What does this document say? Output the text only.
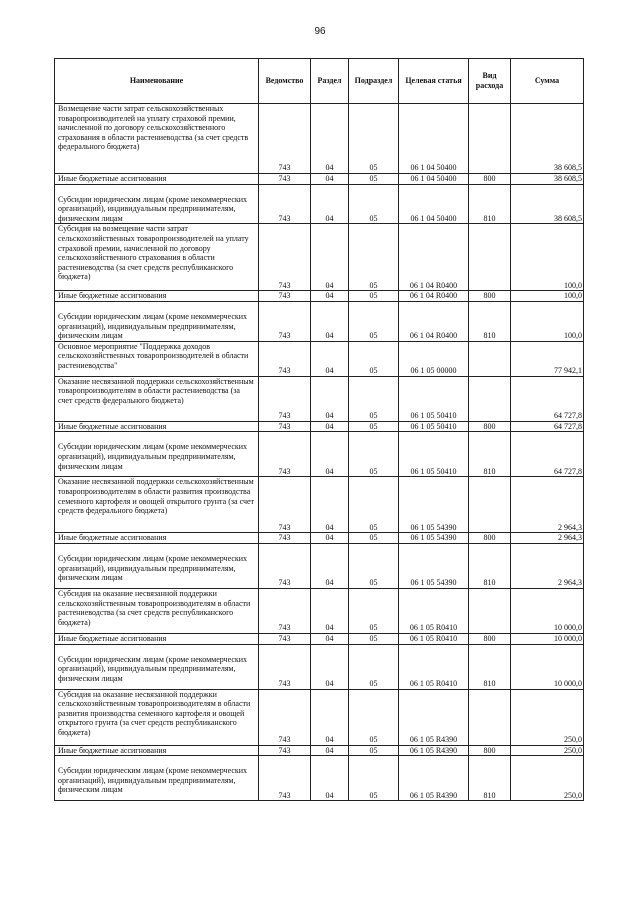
96
Наименование	Ведомство	Раздел	Подраздел	Целевая статья	Вид расхода	Сумма
Возмещение части затрат сельскохозяйственных товаропроизводителей на уплату страховой премии, начисленной по договору сельскохозяйственного страхования в области растениеводства (за счет средств федерального бюджета)	743	04	05	06 1 04 50400		38 608,5
Иные бюджетные ассигнования	743	04	05	06 1 04 50400	800	38 608,5
Субсидии юридическим лицам (кроме некоммерческих организаций), индивидуальным предпринимателям, физическим лицам	743	04	05	06 1 04 50400	810	38 608,5
Субсидия на возмещение части затрат сельскохозяйственных товаропроизводителей на уплату страховой премии, начисленной по договору сельскохозяйственного страхования в области растениеводства (за счет средств республиканского бюджета)	743	04	05	06 1 04 R0400		100,0
Иные бюджетные ассигнования	743	04	05	06 1 04 R0400	800	100,0
Субсидии юридическим лицам (кроме некоммерческих организаций), индивидуальным предпринимателям, физическим лицам	743	04	05	06 1 04 R0400	810	100,0
Основное мероприятие "Поддержка доходов сельскохозяйственных товаропроизводителей в области растениеводства"	743	04	05	06 1 05 00000		77 942,1
Оказание несвязанной поддержки сельскохозяйственным товаропроизводителям в области растениеводства (за счет средств федерального бюджета)	743	04	05	06 1 05 50410		64 727,8
Иные бюджетные ассигнования	743	04	05	06 1 05 50410	800	64 727,8
Субсидии юридическим лицам (кроме некоммерческих организаций), индивидуальным предпринимателям, физическим лицам	743	04	05	06 1 05 50410	810	64 727,8
Оказание несвязанной поддержки сельскохозяйственным товаропроизводителям в области развития производства семенного картофеля и овощей открытого грунта (за счет средств федерального бюджета)	743	04	05	06 1 05 54390		2 964,3
Иные бюджетные ассигнования	743	04	05	06 1 05 54390	800	2 964,3
Субсидии юридическим лицам (кроме некоммерческих организаций), индивидуальным предпринимателям, физическим лицам	743	04	05	06 1 05 54390	810	2 964,3
Субсидия на оказание несвязанной поддержки сельскохозяйственным товаропроизводителям в области растениеводства (за счет средств республиканского бюджета)	743	04	05	06 1 05 R0410		10 000,0
Иные бюджетные ассигнования	743	04	05	06 1 05 R0410	800	10 000,0
Субсидии юридическим лицам (кроме некоммерческих организаций), индивидуальным предпринимателям, физическим лицам	743	04	05	06 1 05 R0410	810	10 000,0
Субсидия на оказание несвязанной поддержки сельскохозяйственным товаропроизводителям в области развития производства семенного картофеля и овощей открытого грунта (за счет средств республиканского бюджета)	743	04	05	06 1 05 R4390		250,0
Иные бюджетные ассигнования	743	04	05	06 1 05 R4390	800	250,0
Субсидии юридическим лицам (кроме некоммерческих организаций), индивидуальным предпринимателям, физическим лицам	743	04	05	06 1 05 R4390	810	250,0
